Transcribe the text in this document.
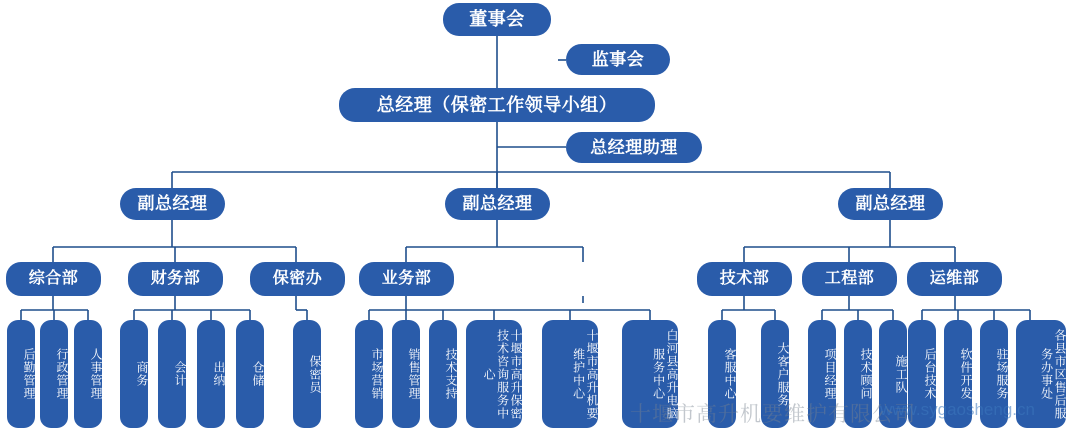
董事会
监事会
总经理（保密工作领导小组）
总经理助理
副总经理	副总经理	副总经理
综合部	财务部	保密办	业务部	技术部	工程部	运维部
后勤管理	行政管理	人事管理	商务	会计	出纳	仓储	保密员	市场营销	销售管理	技术支持	十堰市高升保密技术咨询服务中心	十堰市高升机要维护中心	白河县高升电脑服务中心	客服中心	大客户服务	项目经理	技术顾问	施工队	后台技术	软件开发	驻场服务	各县市区售后服务办事处
十堰市高升机要维护有限公司
www.sygaosheng.cn
